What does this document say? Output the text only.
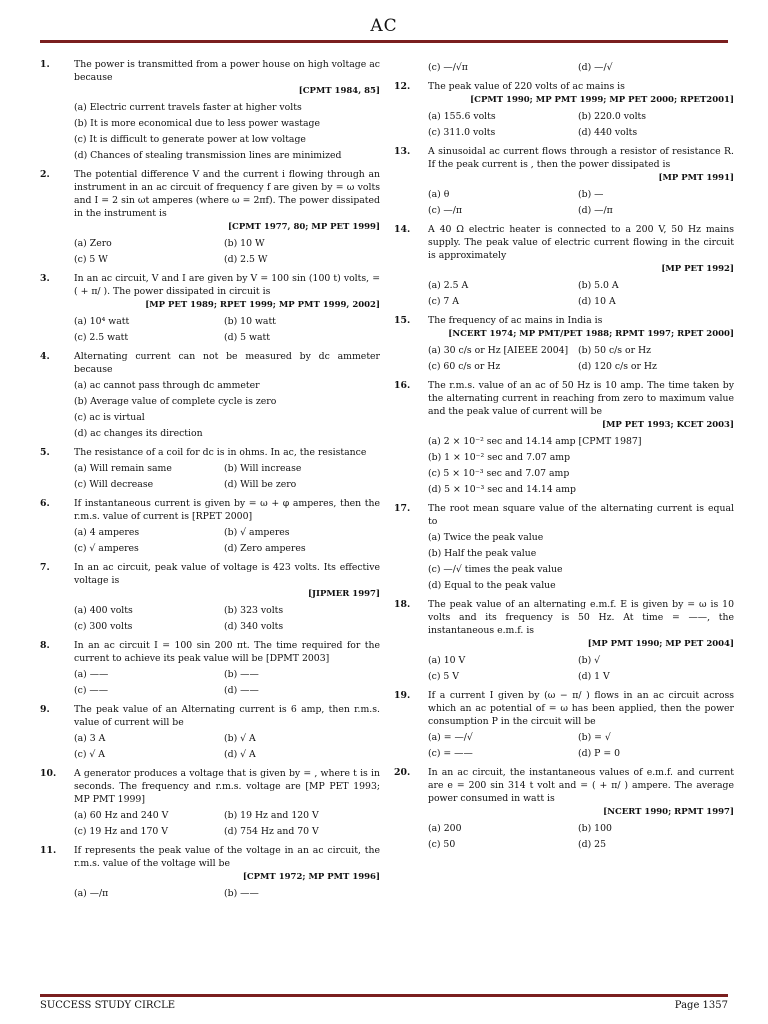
AC
1.	The power is transmitted from a power house on high voltage ac because
[CPMT 1984, 85]
(a) Electric current travels faster at higher volts
(b) It is more economical due to less power wastage
(c) It is difficult to generate power at low voltage
(d) Chances of stealing transmission lines are minimized
2.	The potential difference V and the current i flowing through an instrument in an ac circuit of frequency f are given by = ω volts and I = 2 sin ωt amperes (where ω = 2πf). The power dissipated in the instrument is
[CPMT 1977, 80; MP PET 1999]
(a) Zero	(b) 10 W
(c) 5 W	(d) 2.5 W
3.	In an ac circuit, V and I are given by V = 100 sin (100 t) volts, = ( + π/ ). The power dissipated in circuit is
[MP PET 1989; RPET 1999; MP PMT 1999, 2002]
(a) 10⁴ watt	(b) 10 watt
(c) 2.5 watt	(d) 5 watt
4.	Alternating current can not be measured by dc ammeter because
(a) ac cannot pass through dc ammeter
(b) Average value of complete cycle is zero
(c) ac is virtual
(d) ac changes its direction
5.	The resistance of a coil for dc is in ohms. In ac, the resistance
(a) Will remain same	(b) Will increase
(c) Will decrease	(d) Will be zero
6.	If instantaneous current is given by = ω + φ amperes, then the r.m.s. value of current is [RPET 2000]
(a) 4 amperes	(b) √ amperes
(c) √ amperes	(d) Zero amperes
7.	In an ac circuit, peak value of voltage is 423 volts. Its effective voltage is
[JIPMER 1997]
(a) 400 volts	(b) 323 volts
(c) 300 volts	(d) 340 volts
8.	In an ac circuit I = 100 sin 200 πt. The time required for the current to achieve its peak value will be [DPMT 2003]
(a) ——	(b) ——
(c) ——	(d) ——
9.	The peak value of an Alternating current is 6 amp, then r.m.s. value of current will be
(a) 3 A	(b) √ A
(c) √ A	(d) √ A
10. A generator produces a voltage that is given by = , where t is in seconds. The frequency and r.m.s. voltage are [MP PET 1993; MP PMT 1999]
(a) 60 Hz and 240 V	(b) 19 Hz and 120 V
(c) 19 Hz and 170 V	(d) 754 Hz and 70 V
11. If represents the peak value of the voltage in an ac circuit, the r.m.s. value of the voltage will be
[CPMT 1972; MP PMT 1996]
(a) —/π	(b) ——
(c) —/√π	(d) —/√
12. The peak value of 220 volts of ac mains is
[CPMT 1990; MP PMT 1999; MP PET 2000; RPET2001]
(a) 155.6 volts	(b) 220.0 volts
(c) 311.0 volts	(d) 440 volts
13. A sinusoidal ac current flows through a resistor of resistance R. If the peak current is , then the power dissipated is
[MP PMT 1991]
(a) θ	(b) —
(c) —/π	(d) —/π
14. A 40 Ω electric heater is connected to a 200 V, 50 Hz mains supply. The peak value of electric current flowing in the circuit is approximately
[MP PET 1992]
(a) 2.5 A	(b) 5.0 A
(c) 7 A	(d) 10 A
15. The frequency of ac mains in India is
[NCERT 1974; MP PMT/PET 1988; RPMT 1997; RPET 2000]
(a) 30 c/s or Hz [AIEEE 2004]	(b) 50 c/s or Hz
(c) 60 c/s or Hz	(d) 120 c/s or Hz
16. The r.m.s. value of an ac of 50 Hz is 10 amp. The time taken by the alternating current in reaching from zero to maximum value and the peak value of current will be
[MP PET 1993; KCET 2003]
(a) 2 × 10⁻² sec and 14.14 amp [CPMT 1987]
(b) 1 × 10⁻² sec and 7.07 amp
(c) 5 × 10⁻³ sec and 7.07 amp
(d) 5 × 10⁻³ sec and 14.14 amp
17. The root mean square value of the alternating current is equal to
(a) Twice the peak value
(b) Half the peak value
(c) —/√ times the peak value
(d) Equal to the peak value
18. The peak value of an alternating e.m.f. E is given by = ω is 10 volts and its frequency is 50 Hz. At time = ——, the instantaneous e.m.f. is
[MP PMT 1990; MP PET 2004]
(a) 10 V	(b) √
(c) 5 V	(d) 1 V
19. If a current I given by (ω − π/ ) flows in an ac circuit across which an ac potential of = ω has been applied, then the power consumption P in the circuit will be
(a) = —/√	(b) = √
(c) = ——	(d) P = 0
20. In an ac circuit, the instantaneous values of e.m.f. and current are e = 200 sin 314 t volt and = ( + π/ ) ampere. The average power consumed in watt is
[NCERT 1990; RPMT 1997]
(a) 200	(b) 100
(c) 50	(d) 25
SUCCESS STUDY CIRCLE	Page 1357
